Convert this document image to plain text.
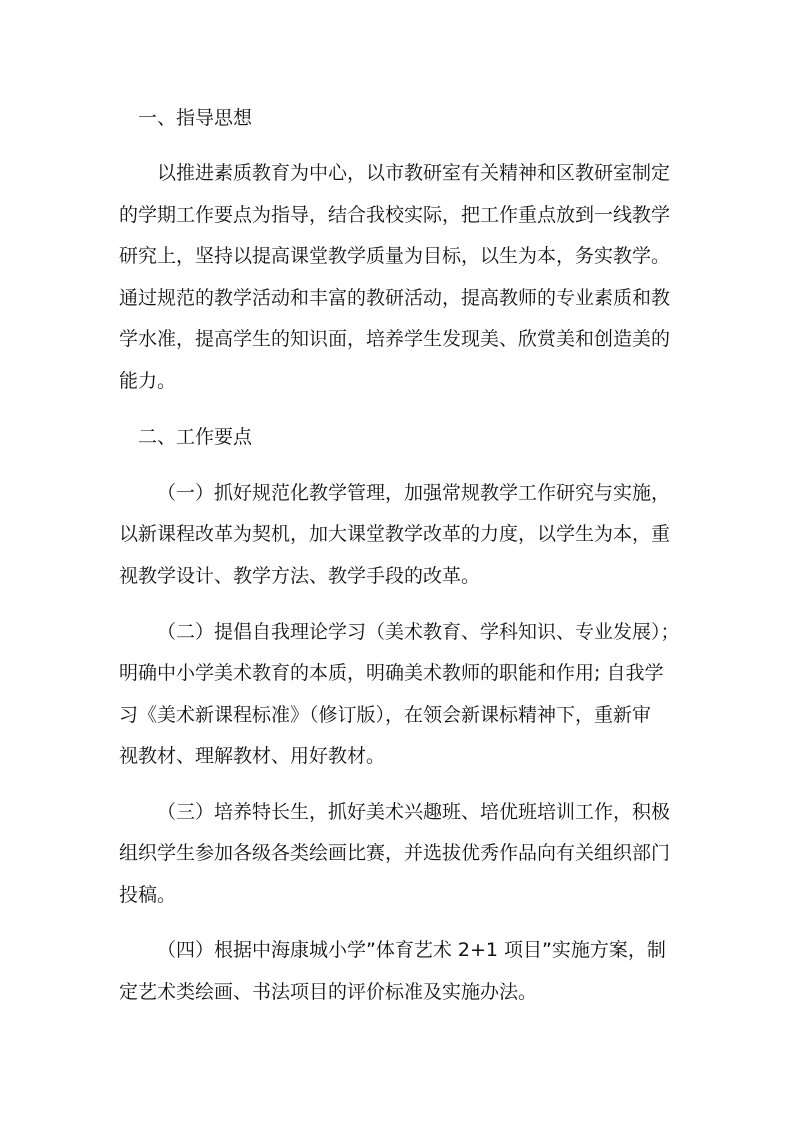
一、指导思想
以推进素质教育为中心，以市教研室有关精神和区教研室制定
的学期工作要点为指导，结合我校实际，把工作重点放到一线教学
研究上，坚持以提高课堂教学质量为目标，以生为本，务实教学。
通过规范的教学活动和丰富的教研活动，提高教师的专业素质和教
学水准，提高学生的知识面，培养学生发现美、欣赏美和创造美的
能力。
二、工作要点
（一）抓好规范化教学管理，加强常规教学工作研究与实施，
以新课程改革为契机，加大课堂教学改革的力度，以学生为本，重
视教学设计、教学方法、教学手段的改革。
（二）提倡自我理论学习（美术教育、学科知识、专业发展）；
明确中小学美术教育的本质，明确美术教师的职能和作用; 自我学
习《美术新课程标准》（修订版），在领会新课标精神下，重新审
视教材、理解教材、用好教材。
（三）培养特长生，抓好美术兴趣班、培优班培训工作，积极
组织学生参加各级各类绘画比赛，并选拔优秀作品向有关组织部门
投稿。
（四）根据中海康城小学”体育艺术 2+1 项目”实施方案，制
定艺术类绘画、书法项目的评价标准及实施办法。
